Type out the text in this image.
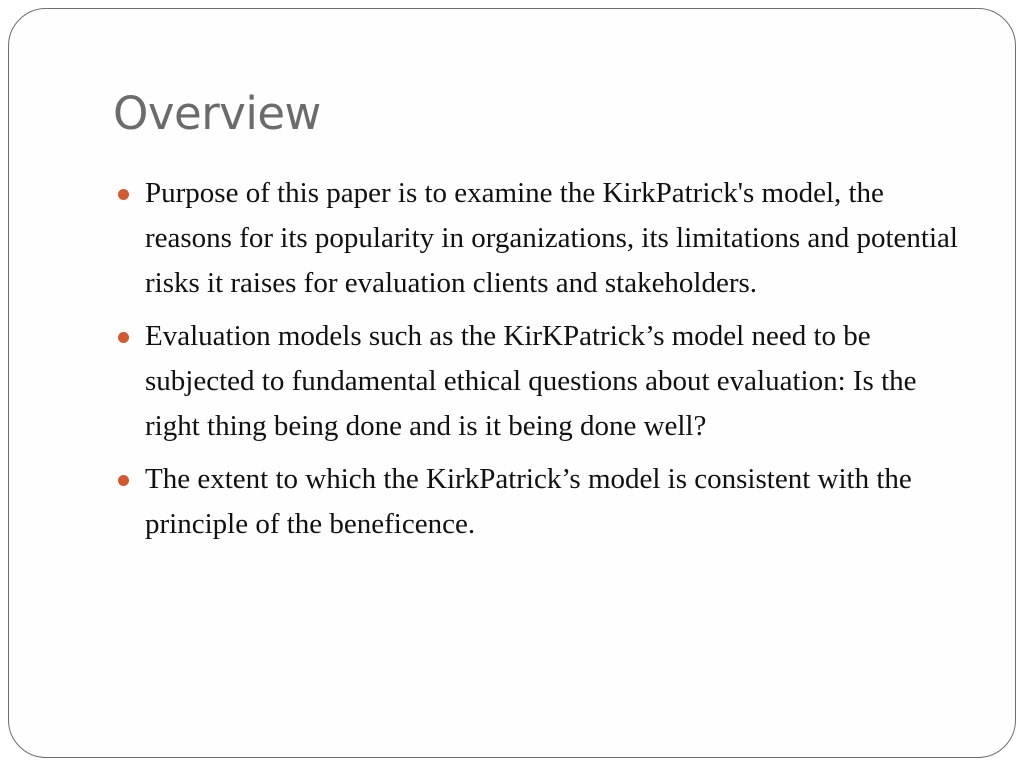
Overview
Purpose of this paper is to examine the KirkPatrick's model, the reasons for its popularity in organizations, its limitations and potential risks it raises for evaluation clients and stakeholders.
Evaluation models such as the KirKPatrick’s model need to be subjected to fundamental ethical questions about evaluation: Is the right thing being done and is it being done well?
The extent to which the KirkPatrick’s model is consistent with the principle of the beneficence.
